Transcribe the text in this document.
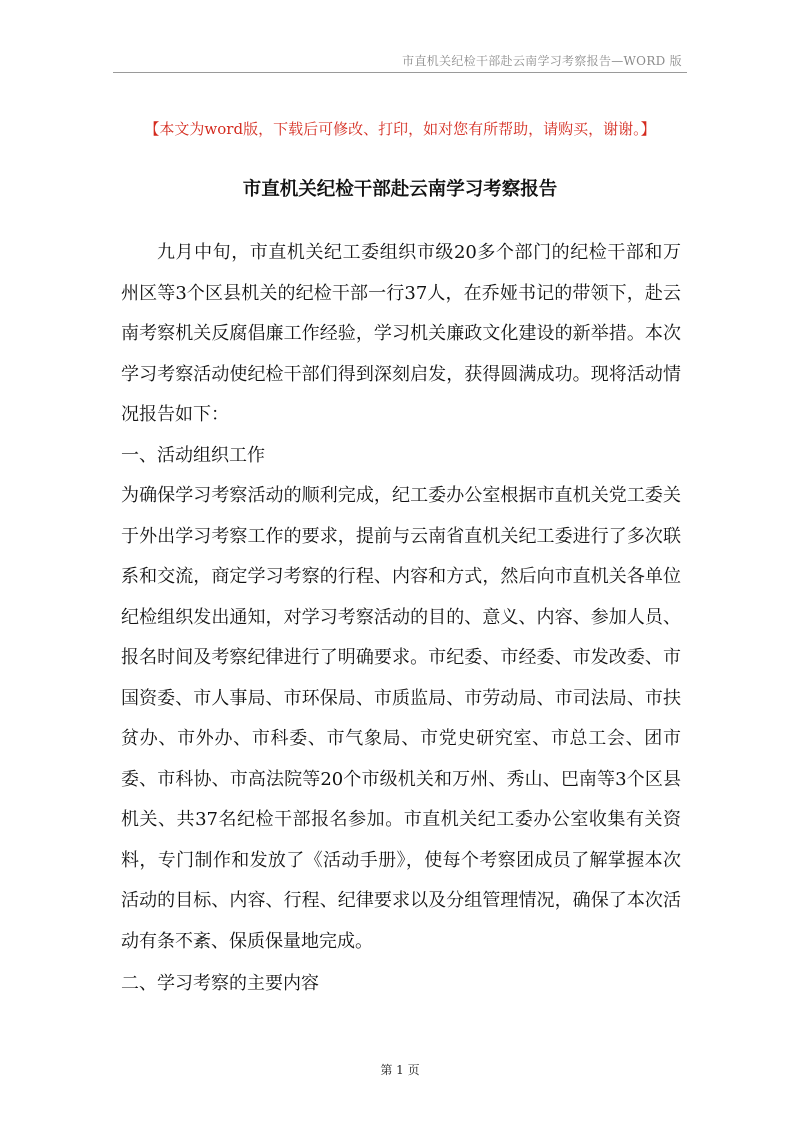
市直机关纪检干部赴云南学习考察报告—WORD 版
【本文为word版，下载后可修改、打印，如对您有所帮助，请购买，谢谢。】
市直机关纪检干部赴云南学习考察报告

九月中旬，市直机关纪工委组织市级20多个部门的纪检干部和万州区等3个区县机关的纪检干部一行37人，在乔娅书记的带领下，赴云南考察机关反腐倡廉工作经验，学习机关廉政文化建设的新举措。本次学习考察活动使纪检干部们得到深刻启发，获得圆满成功。现将活动情况报告如下：

一、活动组织工作

为确保学习考察活动的顺利完成，纪工委办公室根据市直机关党工委关于外出学习考察工作的要求，提前与云南省直机关纪工委进行了多次联系和交流，商定学习考察的行程、内容和方式，然后向市直机关各单位纪检组织发出通知，对学习考察活动的目的、意义、内容、参加人员、报名时间及考察纪律进行了明确要求。市纪委、市经委、市发改委、市国资委、市人事局、市环保局、市质监局、市劳动局、市司法局、市扶贫办、市外办、市科委、市气象局、市党史研究室、市总工会、团市委、市科协、市高法院等20个市级机关和万州、秀山、巴南等3个区县机关、共37名纪检干部报名参加。市直机关纪工委办公室收集有关资料，专门制作和发放了《活动手册》，使每个考察团成员了解掌握本次活动的目标、内容、行程、纪律要求以及分组管理情况，确保了本次活动有条不紊、保质保量地完成。

二、学习考察的主要内容

第 1 页
